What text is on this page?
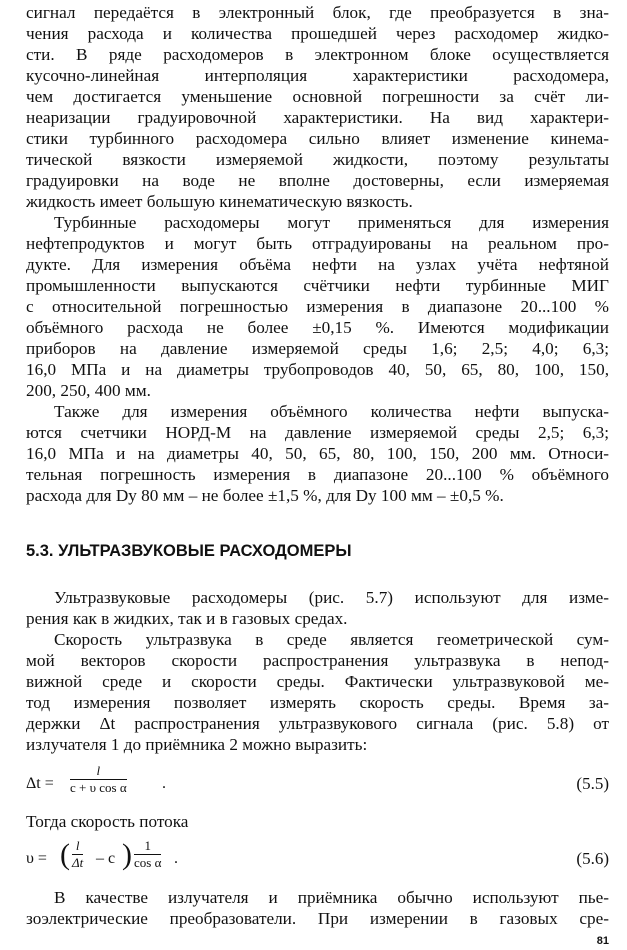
сигнал передаётся в электронный блок, где преобразуется в зна-
чения расхода и количества прошедшей через расходомер жидко-
сти. В ряде расходомеров в электронном блоке осуществляется
кусочно-линейная интерполяция характеристики расходомера,
чем достигается уменьшение основной погрешности за счёт ли-
неаризации градуировочной характеристики. На вид характери-
стики турбинного расходомера сильно влияет изменение кинема-
тической вязкости измеряемой жидкости, поэтому результаты
градуировки на воде не вполне достоверны, если измеряемая
жидкость имеет большую кинематическую вязкость.
Турбинные расходомеры могут применяться для измерения
нефтепродуктов и могут быть отградуированы на реальном про-
дукте. Для измерения объёма нефти на узлах учёта нефтяной
промышленности выпускаются счётчики нефти турбинные МИГ
с относительной погрешностью измерения в диапазоне 20...100 %
объёмного расхода не более ±0,15 %. Имеются модификации
приборов на давление измеряемой среды 1,6; 2,5; 4,0; 6,3;
16,0 МПа и на диаметры трубопроводов 40, 50, 65, 80, 100, 150,
200, 250, 400 мм.
Также для измерения объёмного количества нефти выпуска-
ются счетчики НОРД-М на давление измеряемой среды 2,5; 6,3;
16,0 МПа и на диаметры 40, 50, 65, 80, 100, 150, 200 мм. Относи-
тельная погрешность измерения в диапазоне 20...100 % объёмного
расхода для Dу 80 мм – не более ±1,5 %, для Dу 100 мм – ±0,5 %.
5.3. УЛЬТРАЗВУКОВЫЕ РАСХОДОМЕРЫ
Ультразвуковые расходомеры (рис. 5.7) используют для изме-
рения как в жидких, так и в газовых средах.
Скорость ультразвука в среде является геометрической сум-
мой векторов скорости распространения ультразвука в непод-
вижной среде и скорости среды. Фактически ультразвуковой ме-
тод измерения позволяет измерять скорость среды. Время за-
держки Δt распространения ультразвукового сигнала (рис. 5.8) от
излучателя 1 до приёмника 2 можно выразить:
Δt =
l
c + υ cos α .	(5.5)
Тогда скорость потока
υ = ( l
Δt – c ) 1
cos α .	(5.6)
В качестве излучателя и приёмника обычно используют пье-
зоэлектрические преобразователи. При измерении в газовых сре-
81
